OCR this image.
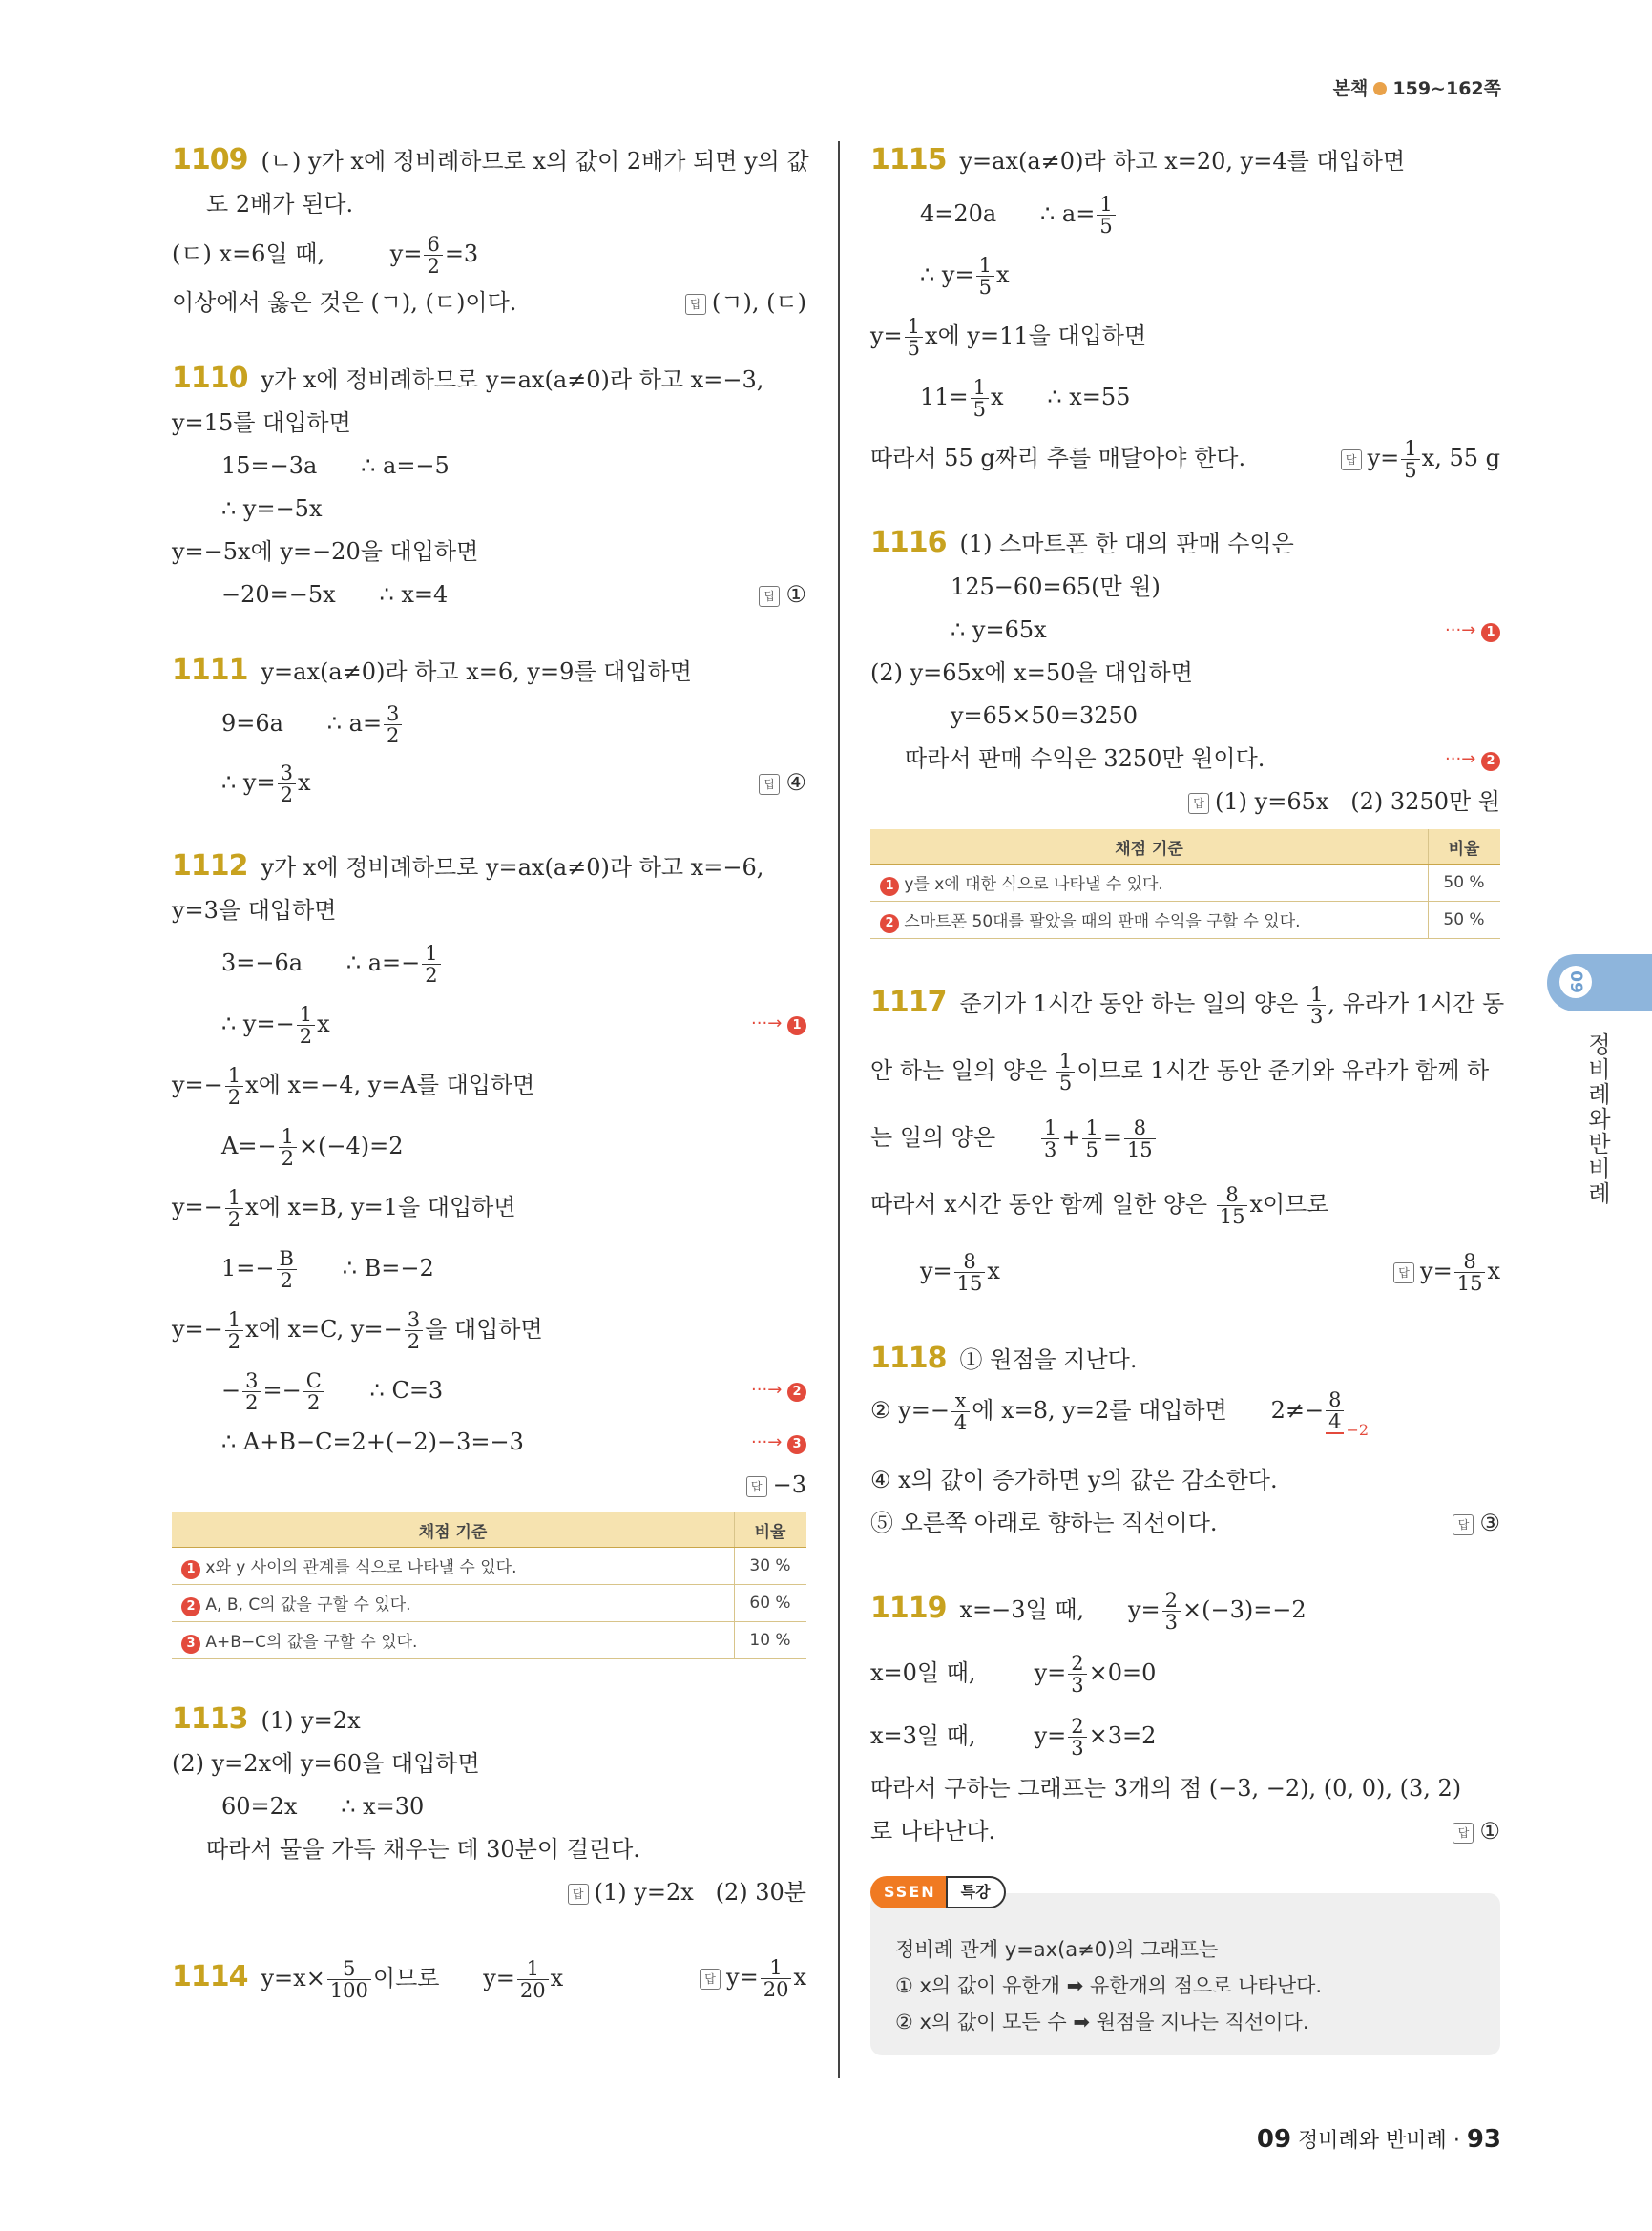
본책 159~162쪽
09
정비례와 반비례
1109 (ㄴ) y가 x에 정비례하므로 x의 값이 2배가 되면 y의 값
도 2배가 된다.
(ㄷ) x=6일 때,	$y= \frac{6}{2} =3$
이상에서 옳은 것은 (ㄱ), (ㄷ)이다.	답 (ㄱ), (ㄷ)
1110 y가 x에 정비례하므로 y=ax(a≠0)라 하고 x=−3,
y=15를 대입하면
15=−3a      ∴ a=−5
∴ y=−5x
y=−5x에 y=−20을 대입하면
−20=−5x      ∴ x=4	답 ①
1111 y=ax(a≠0)라 하고 x=6, y=9를 대입하면
9=6a      ∴ $a= \frac{3}{2}$
∴ $y= \frac{3}{2}$ x	답 ④
1112 y가 x에 정비례하므로 y=ax(a≠0)라 하고 x=−6,
y=3을 대입하면
3=−6a      ∴ $a=- \frac{1}{2}$
∴ $y=- \frac{1}{2}$ x	···→ 1
$y=- \frac{1}{2}$ x에 x=−4, y=A를 대입하면
$A=- \frac{1}{2} \times(-4)=2$
$y=- \frac{1}{2}$ x에 x=B, y=1을 대입하면
$1=- \frac{B}{2}$ ∴ B=−2
$y=- \frac{1}{2}$ x에 x=C, $y=- \frac{3}{2}$ 을 대입하면
− $\frac{3}{2} =- \frac{C}{2}$ ∴ C=3	···→ 2
∴ A+B−C=2+(−2)−3=−3	···→ 3

답 −3
채점 기준	비율
1 x와 y 사이의 관계를 식으로 나타낼 수 있다.	30 %
2 A, B, C의 값을 구할 수 있다.	60 %
3 A+B−C의 값을 구할 수 있다.	10 %
1113 (1) y=2x
(2) y=2x에 y=60을 대입하면
60=2x      ∴ x=30
따라서 물을 가득 채우는 데 30분이 걸린다.

답 (1) y=2x   (2) 30분
1114 $y=x\times \frac{5}{100}$ 이므로 $y= \frac{1}{20}$ x	답 $y= \frac{1}{20}$ x
1115 y=ax(a≠0)라 하고 x=20, y=4를 대입하면
4=20a      ∴ $a= \frac{1}{5}$
∴ $y= \frac{1}{5}$ x
$y= \frac{1}{5}$ x에 y=11을 대입하면
$11= \frac{1}{5}$ x      ∴ x=55
따라서 55 g짜리 추를 매달아야 한다.	답 $y= \frac{1}{5} x$, 55 g
1116 (1) 스마트폰 한 대의 판매 수익은
125−60=65(만 원)
∴ y=65x	···→ 1
(2) y=65x에 x=50을 대입하면
y=65×50=3250
따라서 판매 수익은 3250만 원이다.	···→ 2

답 (1) y=65x   (2) 3250만 원
채점 기준	비율
1 y를 x에 대한 식으로 나타낼 수 있다.	50 %
2 스마트폰 50대를 팔았을 때의 판매 수익을 구할 수 있다.	50 %
1117 준기가 1시간 동안 하는 일의 양은 $\frac{1}{3}$ , 유라가 1시간 동
안 하는 일의 양은 $\frac{1}{5}$ 이므로 1시간 동안 준기와 유라가 함께 하
는 일의 양은 $\frac{1}{3} + \frac{1}{5} = \frac{8}{15}$
따라서 x시간 동안 함께 일한 양은 $\frac{8}{15}$ x이므로
$y= \frac{8}{15}$ x	답 $y= \frac{8}{15}$ x
1118 ① 원점을 지난다.
② $y=- \frac{x}{4}$ 에 x=8, y=2를 대입하면 $2\ne- \frac{8}{4} _{-2}$
④ x의 값이 증가하면 y의 값은 감소한다.
⑤ 오른쪽 아래로 향하는 직선이다.	답 ③
1119 x=−3일 때, $y= \frac{2}{3} \times(-3)=-2$
x=0일 때,	$y= \frac{2}{3} \times 0=0$
x=3일 때,	$y= \frac{2}{3} \times 3=2$
따라서 구하는 그래프는 3개의 점 (−3, −2), (0, 0), (3, 2)
로 나타난다.	답 ①
SSEN 특강
정비례 관계 y=ax(a≠0)의 그래프는
① x의 값이 유한개 ➡ 유한개의 점으로 나타난다.
② x의 값이 모든 수 ➡ 원점을 지나는 직선이다.
09 정비례와 반비례 · 93
